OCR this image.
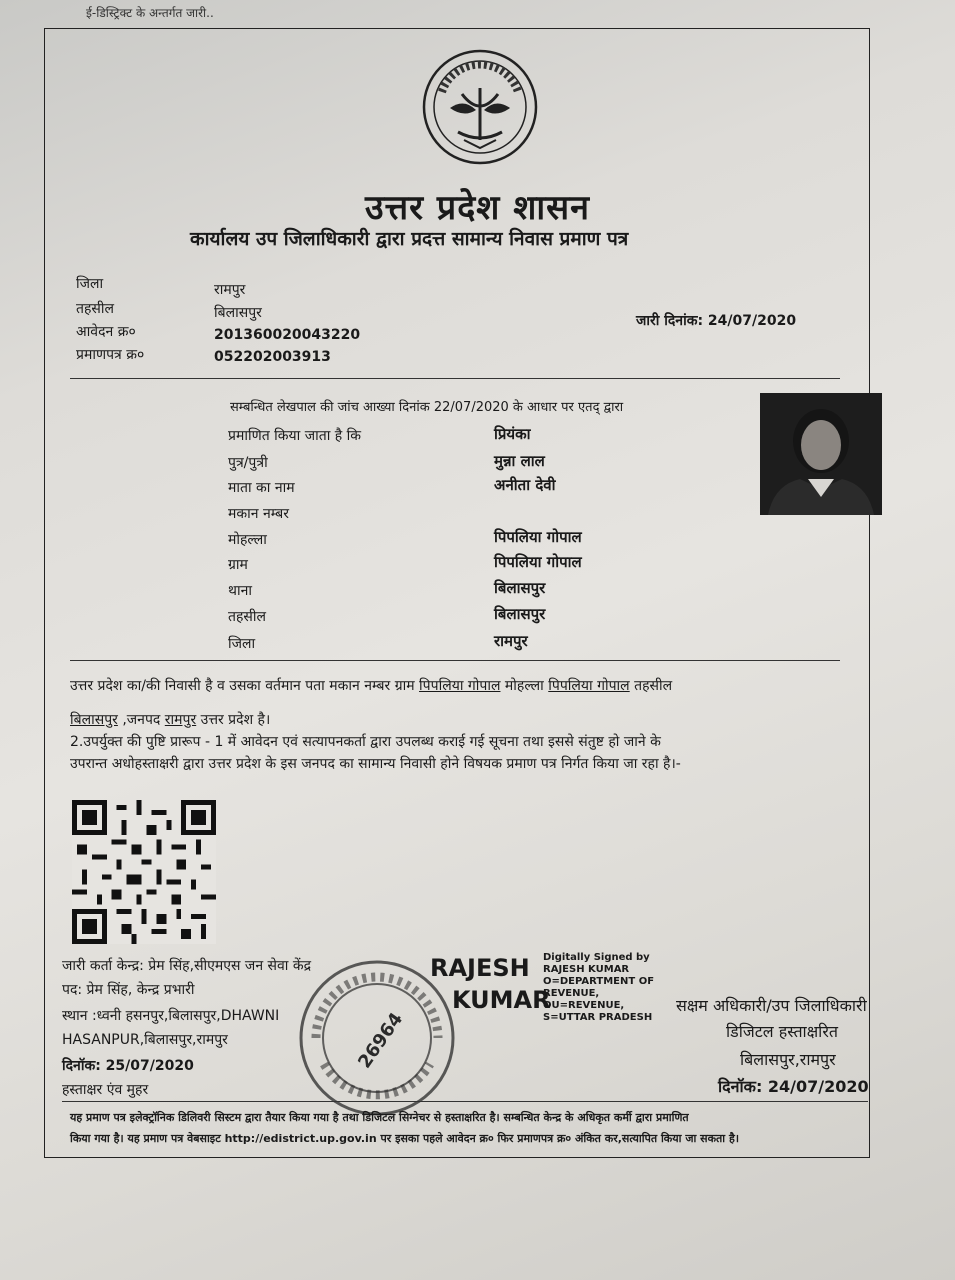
ई-डिस्ट्रिक्ट के अन्तर्गत जारी..
उत्तर प्रदेश शासन
कार्यालय उप जिलाधिकारी द्वारा प्रदत्त सामान्य निवास प्रमाण पत्र
जिला	रामपुर
तहसील	बिलासपुर
आवेदन क्र०	201360020043220
प्रमाणपत्र क्र०	052202003913
जारी दिनांक: 24/07/2020
सम्बन्धित लेखपाल की जांच आख्या दिनांक 22/07/2020 के आधार पर एतद् द्वारा
प्रमाणित किया जाता है कि	प्रियंका
पुत्र/पुत्री	मुन्ना लाल
माता का नाम	अनीता देवी
मकान नम्बर
मोहल्ला	पिपलिया गोपाल
ग्राम	पिपलिया गोपाल
थाना	बिलासपुर
तहसील	बिलासपुर
जिला	रामपुर
उत्तर प्रदेश का/की निवासी है व उसका वर्तमान पता मकान नम्बर ग्राम पिपलिया गोपाल मोहल्ला पिपलिया गोपाल तहसील
बिलासपुर ,जनपद रामपुर उत्तर प्रदेश है।
2.उपर्युक्त की पुष्टि प्रारूप - 1 में आवेदन एवं सत्यापनकर्ता द्वारा उपलब्ध कराई गई सूचना तथा इससे संतुष्ट हो जाने के
उपरान्त अधोहस्ताक्षरी द्वारा उत्तर प्रदेश के इस जनपद का सामान्य निवासी होने विषयक प्रमाण पत्र निर्गत किया जा रहा है।-
जारी कर्ता केन्द्र: प्रेम सिंह,सीएमएस जन सेवा केंद्र
पद: प्रेम सिंह, केन्द्र प्रभारी
स्थान :ध्वनी हसनपुर,बिलासपुर,DHAWNI
HASANPUR,बिलासपुर,रामपुर
दिनॉक: 25/07/2020
हस्ताक्षर एंव मुहर
26964
RAJESH
KUMAR
Digitally Signed by
RAJESH KUMAR
O=DEPARTMENT OF
REVENUE,
OU=REVENUE,
S=UTTAR PRADESH
सक्षम अधिकारी/उप जिलाधिकारी
डिजिटल हस्ताक्षरित
बिलासपुर,रामपुर
दिनॉक: 24/07/2020
यह प्रमाण पत्र इलेक्ट्रॉनिक डिलिवरी सिस्टम द्वारा तैयार किया गया है तथा डिजिटल सिग्नेचर से हस्ताक्षरित है। सम्बन्धित केन्द्र के अधिकृत कर्मी द्वारा प्रमाणित
किया गया है। यह प्रमाण पत्र वेबसाइट http://edistrict.up.gov.in पर इसका पहले आवेदन क्र० फिर प्रमाणपत्र क्र० अंकित कर,सत्यापित किया जा सकता है।
